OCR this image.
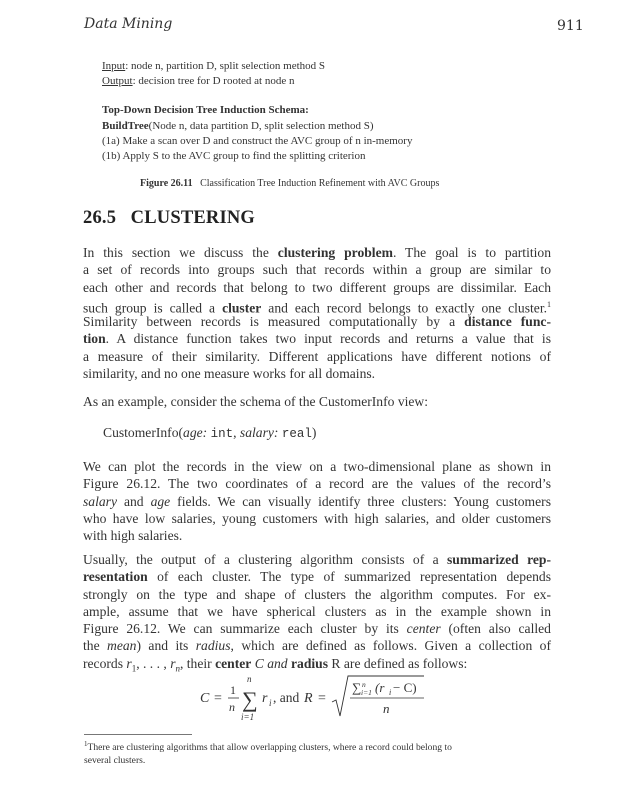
Data Mining	911
Input: node n, partition D, split selection method S
Output: decision tree for D rooted at node n
Top-Down Decision Tree Induction Schema:
BuildTree(Node n, data partition D, split selection method S)
(1a) Make a scan over D and construct the AVC group of n in-memory
(1b) Apply S to the AVC group to find the splitting criterion
Figure 26.11 Classification Tree Induction Refinement with AVC Groups
26.5 CLUSTERING
In this section we discuss the clustering problem. The goal is to partition
a set of records into groups such that records within a group are similar to
each other and records that belong to two different groups are dissimilar. Each
such group is called a cluster and each record belongs to exactly one cluster.$^1$
Similarity between records is measured computationally by a distance func-
tion. A distance function takes two input records and returns a value that is
a measure of their similarity. Different applications have different notions of
similarity, and no one measure works for all domains.
As an example, consider the schema of the CustomerInfo view:
CustomerInfo(age: int, salary: real)
We can plot the records in the view on a two-dimensional plane as shown in
Figure 26.12. The two coordinates of a record are the values of the record’s
salary and age fields. We can visually identify three clusters: Young customers
who have low salaries, young customers with high salaries, and older customers
with high salaries.
Usually, the output of a clustering algorithm consists of a summarized rep-
resentation of each cluster. The type of summarized representation depends
strongly on the type and shape of clusters the algorithm computes. For ex-
ample, assume that we have spherical clusters as in the example shown in
Figure 26.12. We can summarize each cluster by its center (often also called
the mean) and its radius, which are defined as follows. Given a collection of
records $r_1$, . . . , $r_n$, their center C and radius R are defined as follows:
C =
1
n
n
∑
i=1
r i , and R =
∑ n
i=1 (r i − C)
n
$^1$There are clustering algorithms that allow overlapping clusters, where a record could belong to
several clusters.
